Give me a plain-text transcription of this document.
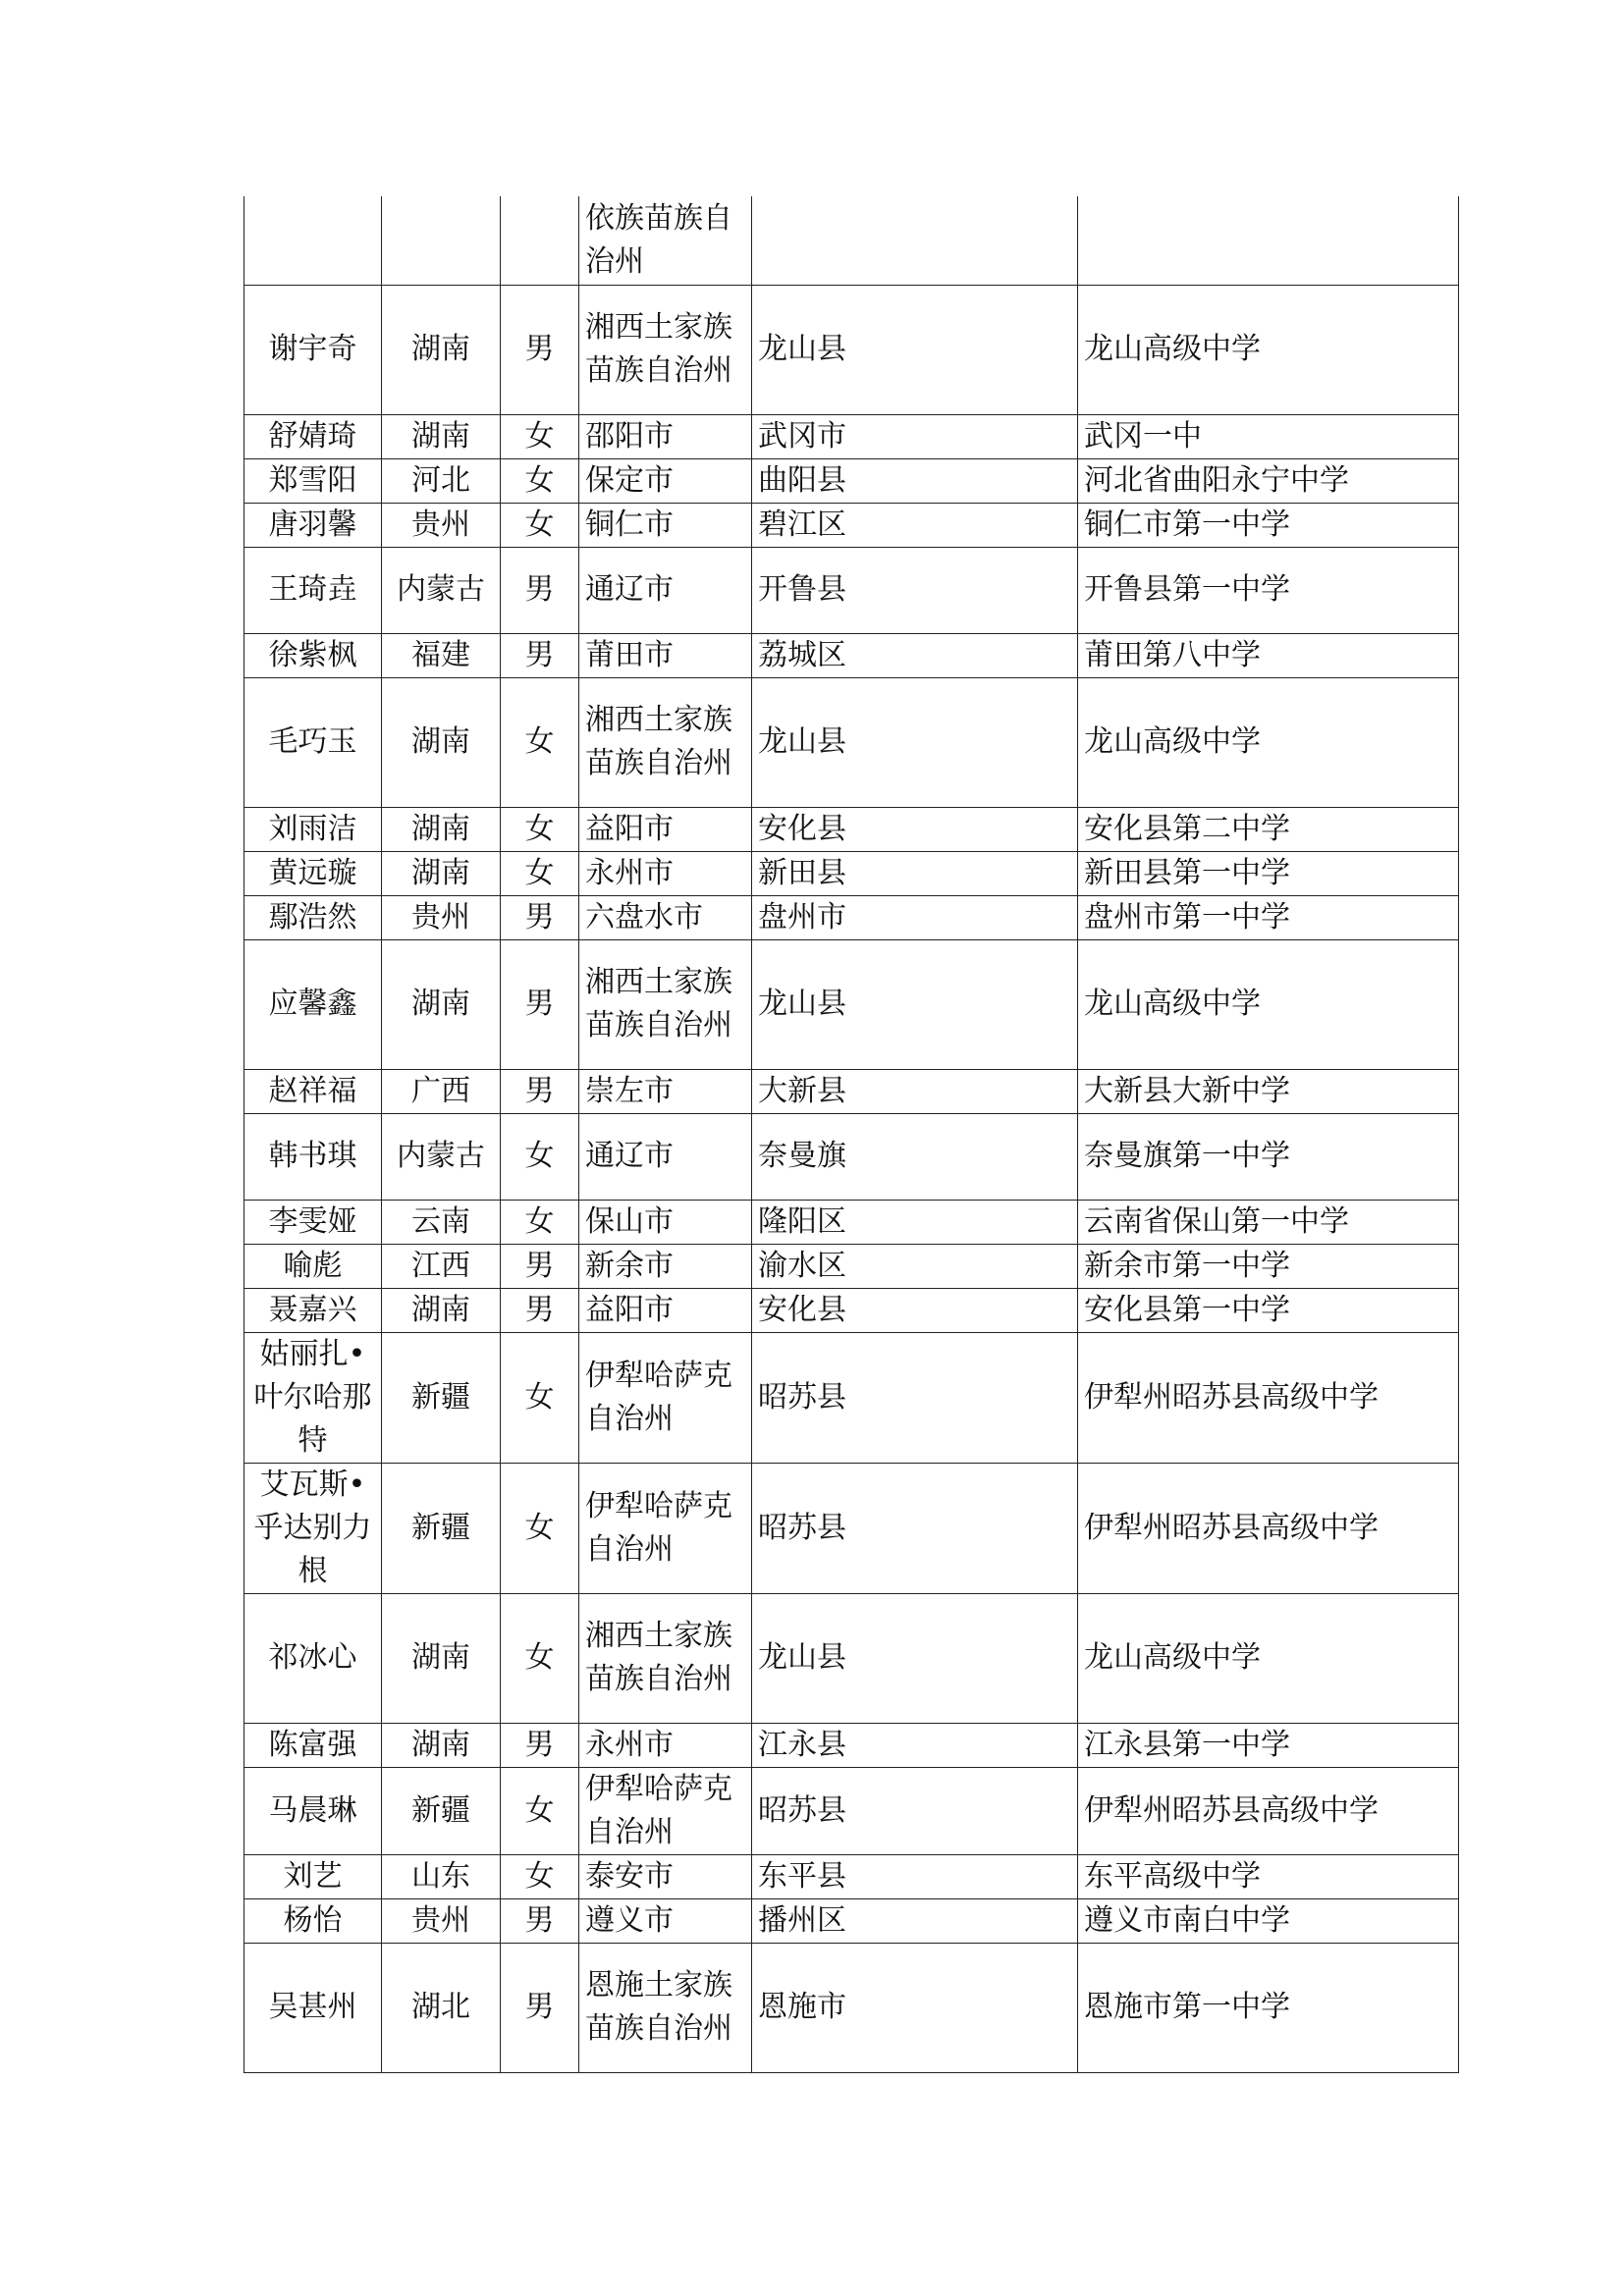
			依族苗族自治州		
谢宇奇	湖南	男	湘西土家族苗族自治州	龙山县	龙山高级中学
舒婧琦	湖南	女	邵阳市	武冈市	武冈一中
郑雪阳	河北	女	保定市	曲阳县	河北省曲阳永宁中学
唐羽馨	贵州	女	铜仁市	碧江区	铜仁市第一中学
王琦垚	内蒙古	男	通辽市	开鲁县	开鲁县第一中学
徐紫枫	福建	男	莆田市	荔城区	莆田第八中学
毛巧玉	湖南	女	湘西土家族苗族自治州	龙山县	龙山高级中学
刘雨洁	湖南	女	益阳市	安化县	安化县第二中学
黄远璇	湖南	女	永州市	新田县	新田县第一中学
鄢浩然	贵州	男	六盘水市	盘州市	盘州市第一中学
应馨鑫	湖南	男	湘西土家族苗族自治州	龙山县	龙山高级中学
赵祥福	广西	男	崇左市	大新县	大新县大新中学
韩书琪	内蒙古	女	通辽市	奈曼旗	奈曼旗第一中学
李雯娅	云南	女	保山市	隆阳区	云南省保山第一中学
喻彪	江西	男	新余市	渝水区	新余市第一中学
聂嘉兴	湖南	男	益阳市	安化县	安化县第一中学
姑丽扎•叶尔哈那特	新疆	女	伊犁哈萨克自治州	昭苏县	伊犁州昭苏县高级中学
艾瓦斯•乎达别力根	新疆	女	伊犁哈萨克自治州	昭苏县	伊犁州昭苏县高级中学
祁冰心	湖南	女	湘西土家族苗族自治州	龙山县	龙山高级中学
陈富强	湖南	男	永州市	江永县	江永县第一中学
马晨琳	新疆	女	伊犁哈萨克自治州	昭苏县	伊犁州昭苏县高级中学
刘艺	山东	女	泰安市	东平县	东平高级中学
杨怡	贵州	男	遵义市	播州区	遵义市南白中学
吴甚州	湖北	男	恩施土家族苗族自治州	恩施市	恩施市第一中学
